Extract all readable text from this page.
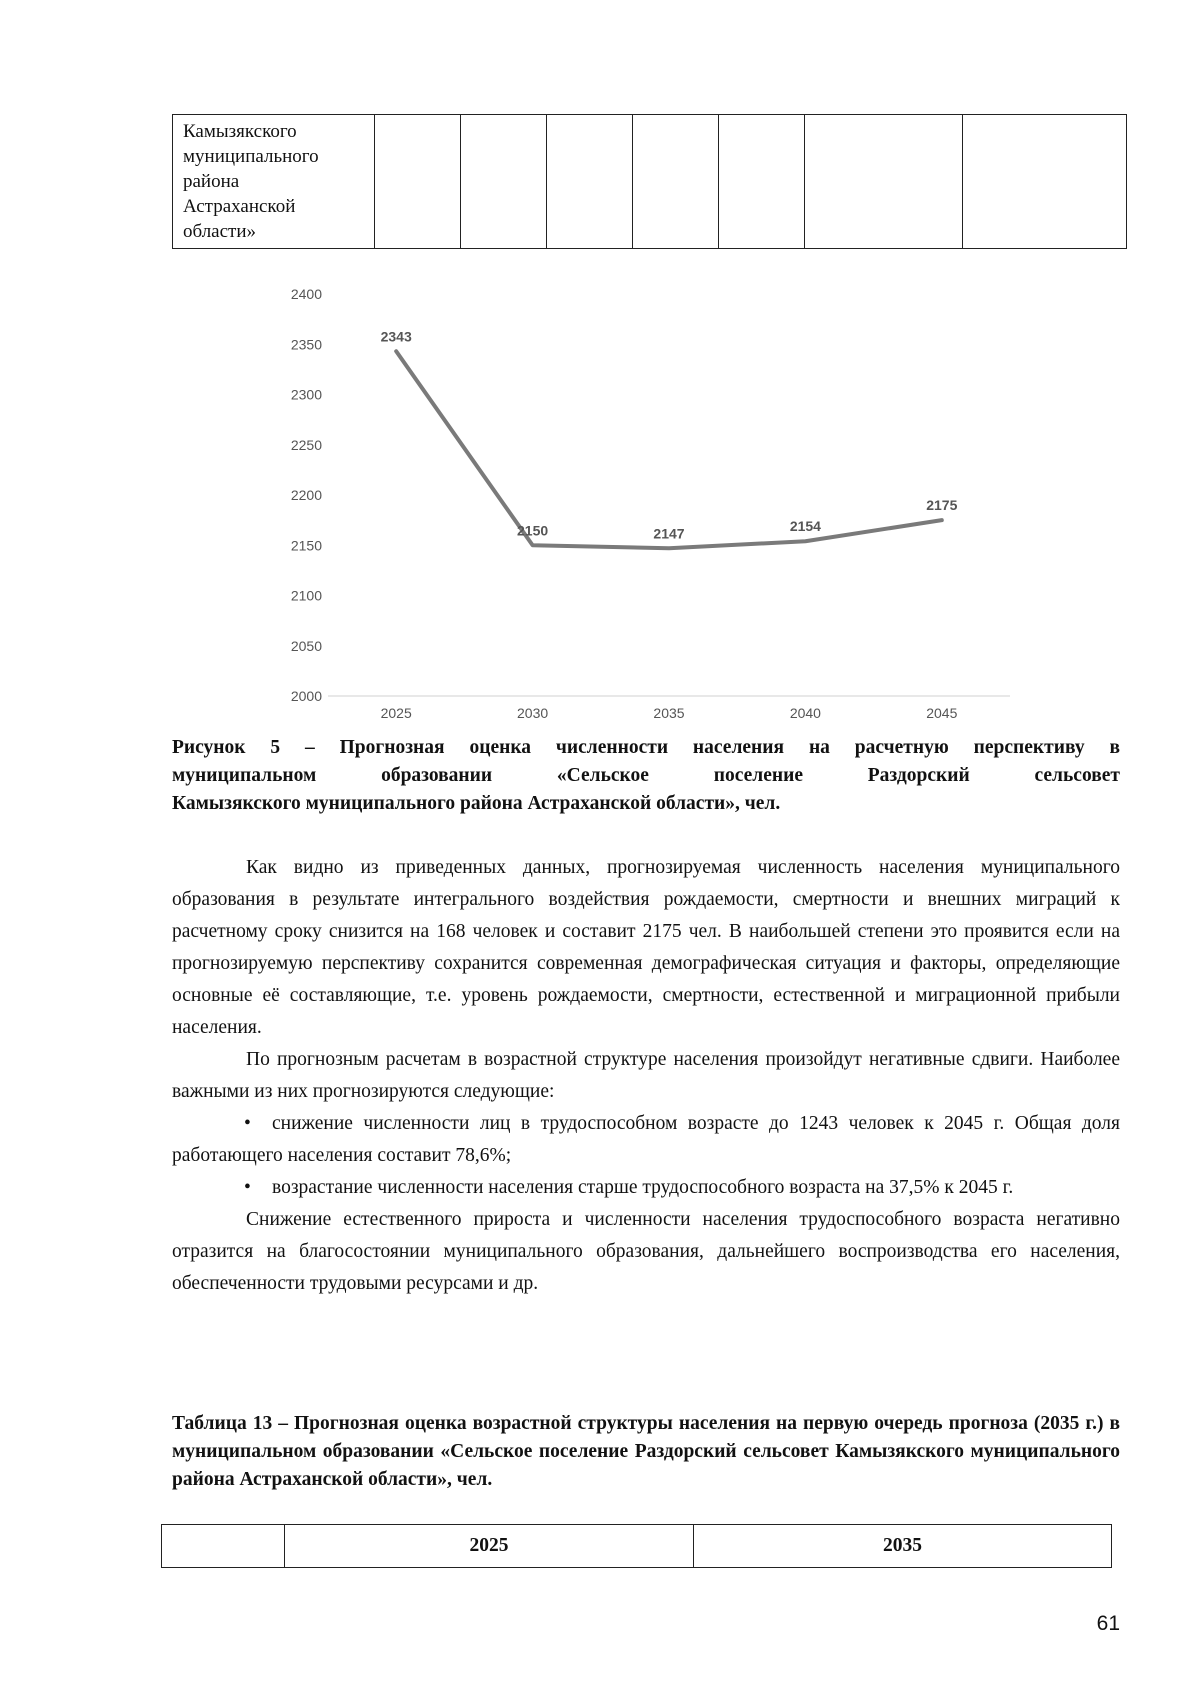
Камызякского
муниципального
района
Астраханской
области»

2000
2050
2100
2150
2200
2250
2300
2350
2400
2025	2030	2035	2040	2045
2343
2150	2147	2154
2175
Рисунок 5 – Прогнозная оценка численности населения на расчетную перспективу в
муниципальном образовании «Сельское поселение Раздорский сельсовет
Камызякского муниципального района Астраханской области», чел.

Как видно из приведенных данных, прогнозируемая численность населения муниципального образования в результате интегрального воздействия рождаемости, смертности и внешних миграций к расчетному сроку снизится на 168 человек и составит 2175 чел. В наибольшей степени это проявится если на прогнозируемую перспективу сохранится современная демографическая ситуация и факторы, определяющие основные её составляющие, т.е. уровень рождаемости, смертности, естественной и миграционной прибыли населения.

По прогнозным расчетам в возрастной структуре населения произойдут негативные сдвиги. Наиболее важными из них прогнозируются следующие:

• снижение численности лиц в трудоспособном возрасте до 1243 человек к 2045 г. Общая доля работающего населения составит 78,6%;

• возрастание численности населения старше трудоспособного возраста на 37,5% к 2045 г.

Снижение естественного прироста и численности населения трудоспособного возраста негативно отразится на благосостоянии муниципального образования, дальнейшего воспроизводства его населения, обеспеченности трудовыми ресурсами и др.

Таблица 13 – Прогнозная оценка возрастной структуры населения на первую очередь прогноза (2035 г.) в муниципальном образовании «Сельское поселение Раздорский сельсовет Камызякского муниципального района Астраханской области», чел.
	2025	2035
61
